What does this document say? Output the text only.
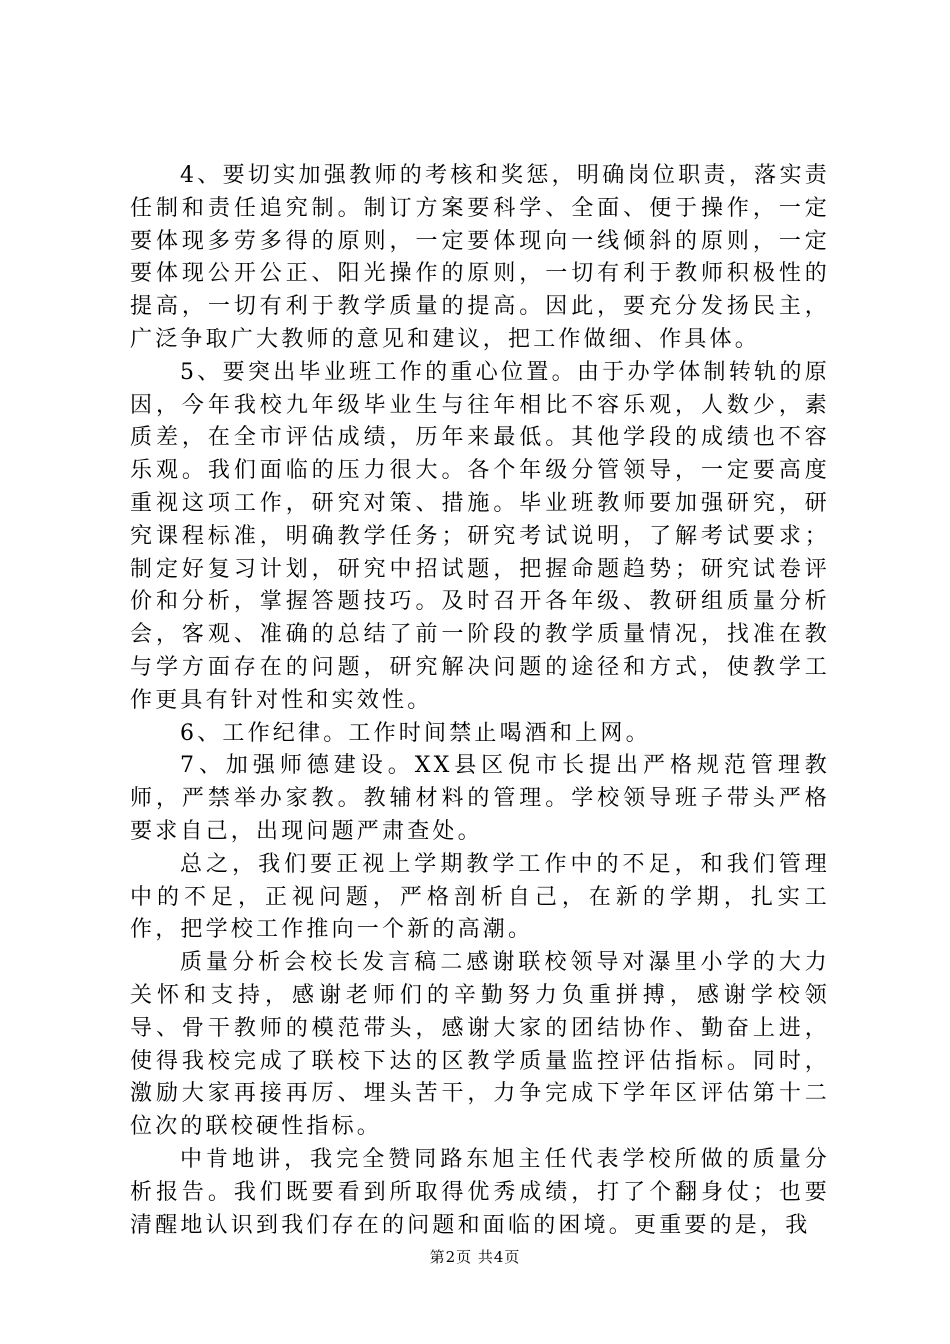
4、要切实加强教师的考核和奖惩，明确岗位职责，落实责任制和责任追究制。制订方案要科学、全面、便于操作，一定要体现多劳多得的原则，一定要体现向一线倾斜的原则，一定要体现公开公正、阳光操作的原则，一切有利于教师积极性的提高，一切有利于教学质量的提高。因此，要充分发扬民主，广泛争取广大教师的意见和建议，把工作做细、作具体。

5、要突出毕业班工作的重心位置。由于办学体制转轨的原因，今年我校九年级毕业生与往年相比不容乐观，人数少，素质差，在全市评估成绩，历年来最低。其他学段的成绩也不容乐观。我们面临的压力很大。各个年级分管领导，一定要高度重视这项工作，研究对策、措施。毕业班教师要加强研究，研究课程标准，明确教学任务；研究考试说明，了解考试要求；制定好复习计划，研究中招试题，把握命题趋势；研究试卷评价和分析，掌握答题技巧。及时召开各年级、教研组质量分析会，客观、准确的总结了前一阶段的教学质量情况，找准在教与学方面存在的问题，研究解决问题的途径和方式，使教学工作更具有针对性和实效性。

6、工作纪律。工作时间禁止喝酒和上网。

7、加强师德建设。XX县区倪市长提出严格规范管理教师，严禁举办家教。教辅材料的管理。学校领导班子带头严格要求自己，出现问题严肃查处。

总之，我们要正视上学期教学工作中的不足，和我们管理中的不足，正视问题，严格剖析自己，在新的学期，扎实工作，把学校工作推向一个新的高潮。

质量分析会校长发言稿二感谢联校领导对瀑里小学的大力关怀和支持，感谢老师们的辛勤努力负重拼搏，感谢学校领导、骨干教师的模范带头，感谢大家的团结协作、勤奋上进，使得我校完成了联校下达的区教学质量监控评估指标。同时，激励大家再接再厉、埋头苦干，力争完成下学年区评估第十二位次的联校硬性指标。

中肯地讲，我完全赞同路东旭主任代表学校所做的质量分析报告。我们既要看到所取得优秀成绩，打了个翻身仗；也要清醒地认识到我们存在的问题和面临的困境。更重要的是，我

第2页 共4页
